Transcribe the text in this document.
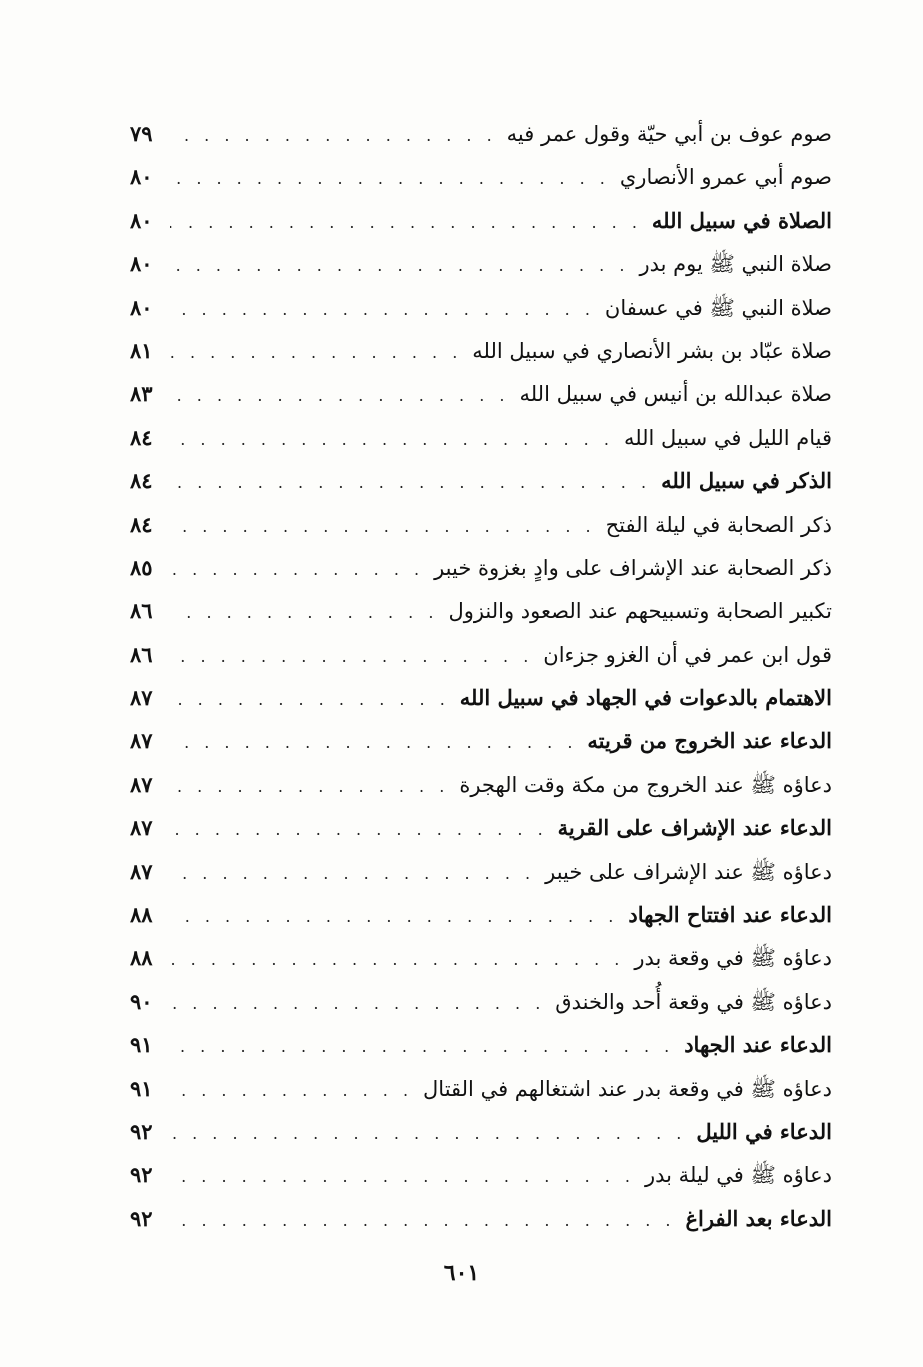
صوم عوف بن أبي حيّة وقول عمر فيه
. . .
٧٩
صوم أبي عمرو الأنصاري
. . .
٨٠
الصلاة في سبيل الله
. . .
٨٠
صلاة النبي ﷺ يوم بدر
. . .
٨٠
صلاة النبي ﷺ في عسفان
. . .
٨٠
صلاة عبّاد بن بشر الأنصاري في سبيل الله
. . .
٨١
صلاة عبدالله بن أنيس في سبيل الله
. . .
٨٣
قيام الليل في سبيل الله
. . .
٨٤
الذكر في سبيل الله
. . .
٨٤
ذكر الصحابة في ليلة الفتح
. . .
٨٤
ذكر الصحابة عند الإشراف على وادٍ بغزوة خيبر
. . .
٨٥
تكبير الصحابة وتسبيحهم عند الصعود والنزول
. . .
٨٦
قول ابن عمر في أن الغزو جزءان
. . .
٨٦
الاهتمام بالدعوات في الجهاد في سبيل الله
. . .
٨٧
الدعاء عند الخروج من قريته
. . .
٨٧
دعاؤه ﷺ عند الخروج من مكة وقت الهجرة
. . .
٨٧
الدعاء عند الإشراف على القرية
. . .
٨٧
دعاؤه ﷺ عند الإشراف على خيبر
. . .
٨٧
الدعاء عند افتتاح الجهاد
. . .
٨٨
دعاؤه ﷺ في وقعة بدر
. . .
٨٨
دعاؤه ﷺ في وقعة أُحد والخندق
. . .
٩٠
الدعاء عند الجهاد
. . .
٩١
دعاؤه ﷺ في وقعة بدر عند اشتغالهم في القتال
. . .
٩١
الدعاء في الليل
. . .
٩٢
دعاؤه ﷺ في ليلة بدر
. . .
٩٢
الدعاء بعد الفراغ
. . .
٩٢
٦٠١
